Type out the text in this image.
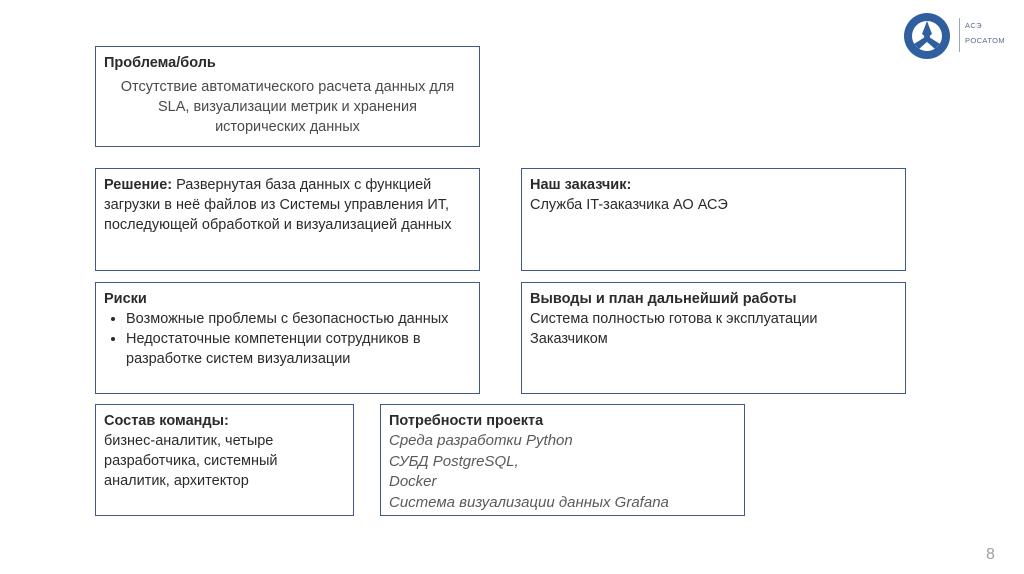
АСЭ
РОСАТОМ
Проблема/боль
Отсутствие автоматического расчета данных для
SLA, визуализации метрик и хранения
исторических данных
Решение: Развернутая база данных с функцией загрузки в неё файлов из Системы управления ИТ, последующей обработкой и визуализацией данных
Наш заказчик:
Служба IT-заказчика АО АСЭ
Риски
• Возможные проблемы с безопасностью данных
• Недостаточные компетенции сотрудников в разработке систем визуализации
Выводы и план дальнейший работы
Система полностью готова к эксплуатации Заказчиком
Состав команды:
бизнес-аналитик, четыре разработчика, системный аналитик, архитектор
Потребности проекта
Среда разработки Python
СУБД PostgreSQL,
Docker
Система визуализации данных Grafana
8
